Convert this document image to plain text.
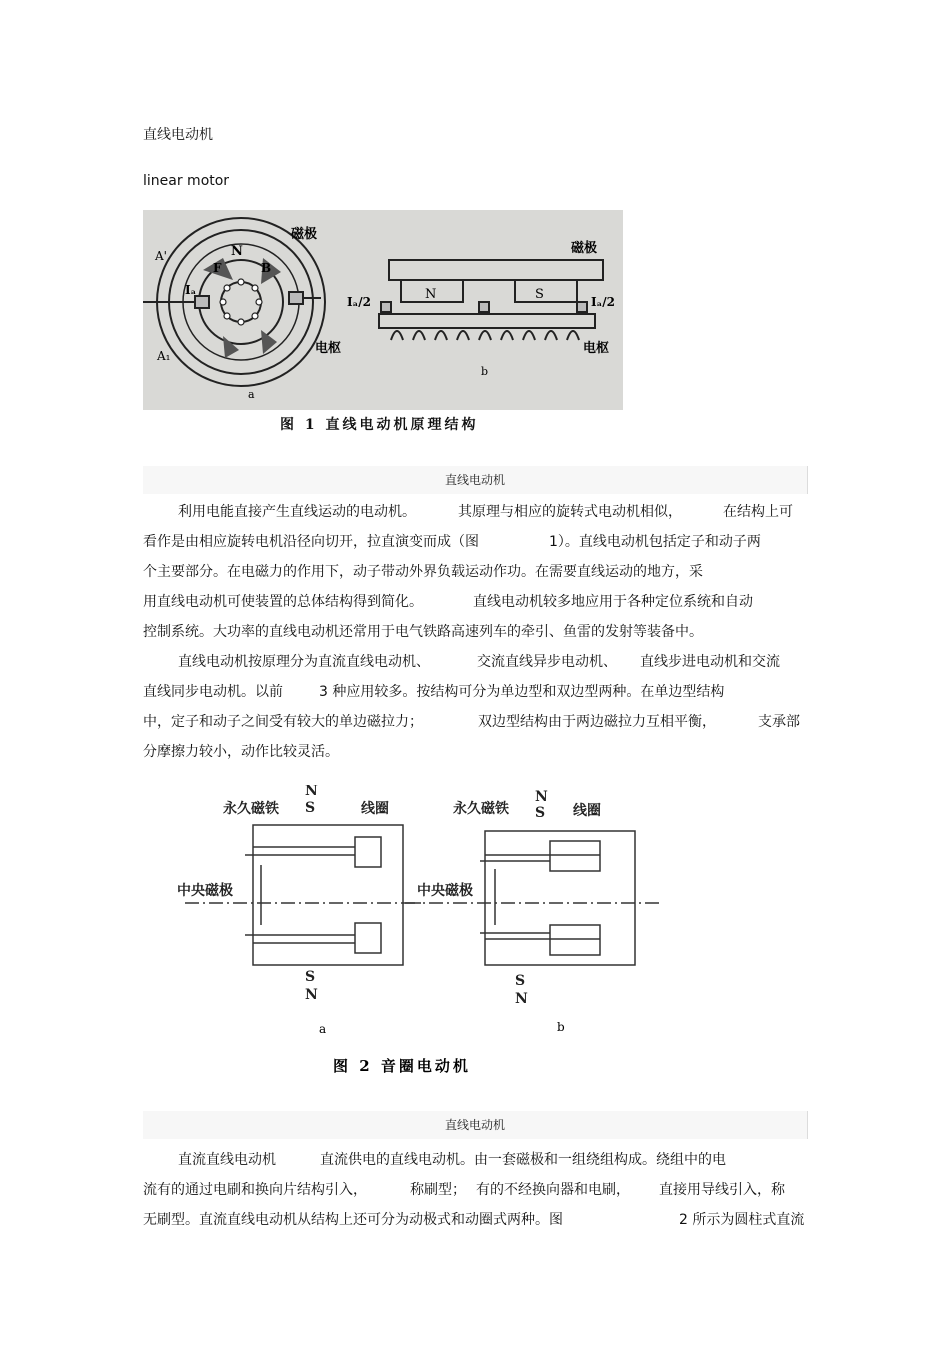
直线电动机
linear motor
磁极
N
F	B
A'
A₁
Iₐ
电枢
a
磁极
N	S
Iₐ/2	Iₐ/2
电枢
b
图 1 直线电动机原理结构
直线电动机
利用电能直接产生直线运动的电动机。	其原理与相应的旋转式电动机相似，	在结构上可
看作是由相应旋转电机沿径向切开，拉直演变而成（图	1）。直线电动机包括定子和动子两
个主要部分。在电磁力的作用下，动子带动外界负载运动作功。在需要直线运动的地方，采
用直线电动机可使装置的总体结构得到简化。	直线电动机较多地应用于各种定位系统和自动
控制系统。大功率的直线电动机还常用于电气铁路高速列车的牵引、鱼雷的发射等装备中。
直线电动机按原理分为直流直线电动机、	交流直线异步电动机、 直线步进电动机和交流
直线同步电动机。以前	3 种应用较多。按结构可分为单边型和双边型两种。在单边型结构
中，定子和动子之间受有较大的单边磁拉力；	双边型结构由于两边磁拉力互相平衡，	支承部
分摩擦力较小，动作比较灵活。
永久磁铁
N
S	线圈
中央磁极
S
N
永久磁铁
N
S 线圈
中央磁极
S
N
a	b
图 2 音圈电动机
直线电动机
直流直线电动机	直流供电的直线电动机。由一套磁极和一组绕组构成。绕组中的电
流有的通过电刷和换向片结构引入，	称刷型； 有的不经换向器和电刷， 直接用导线引入，称
无刷型。直流直线电动机从结构上还可分为动极式和动圈式两种。图	2 所示为圆柱式直流
